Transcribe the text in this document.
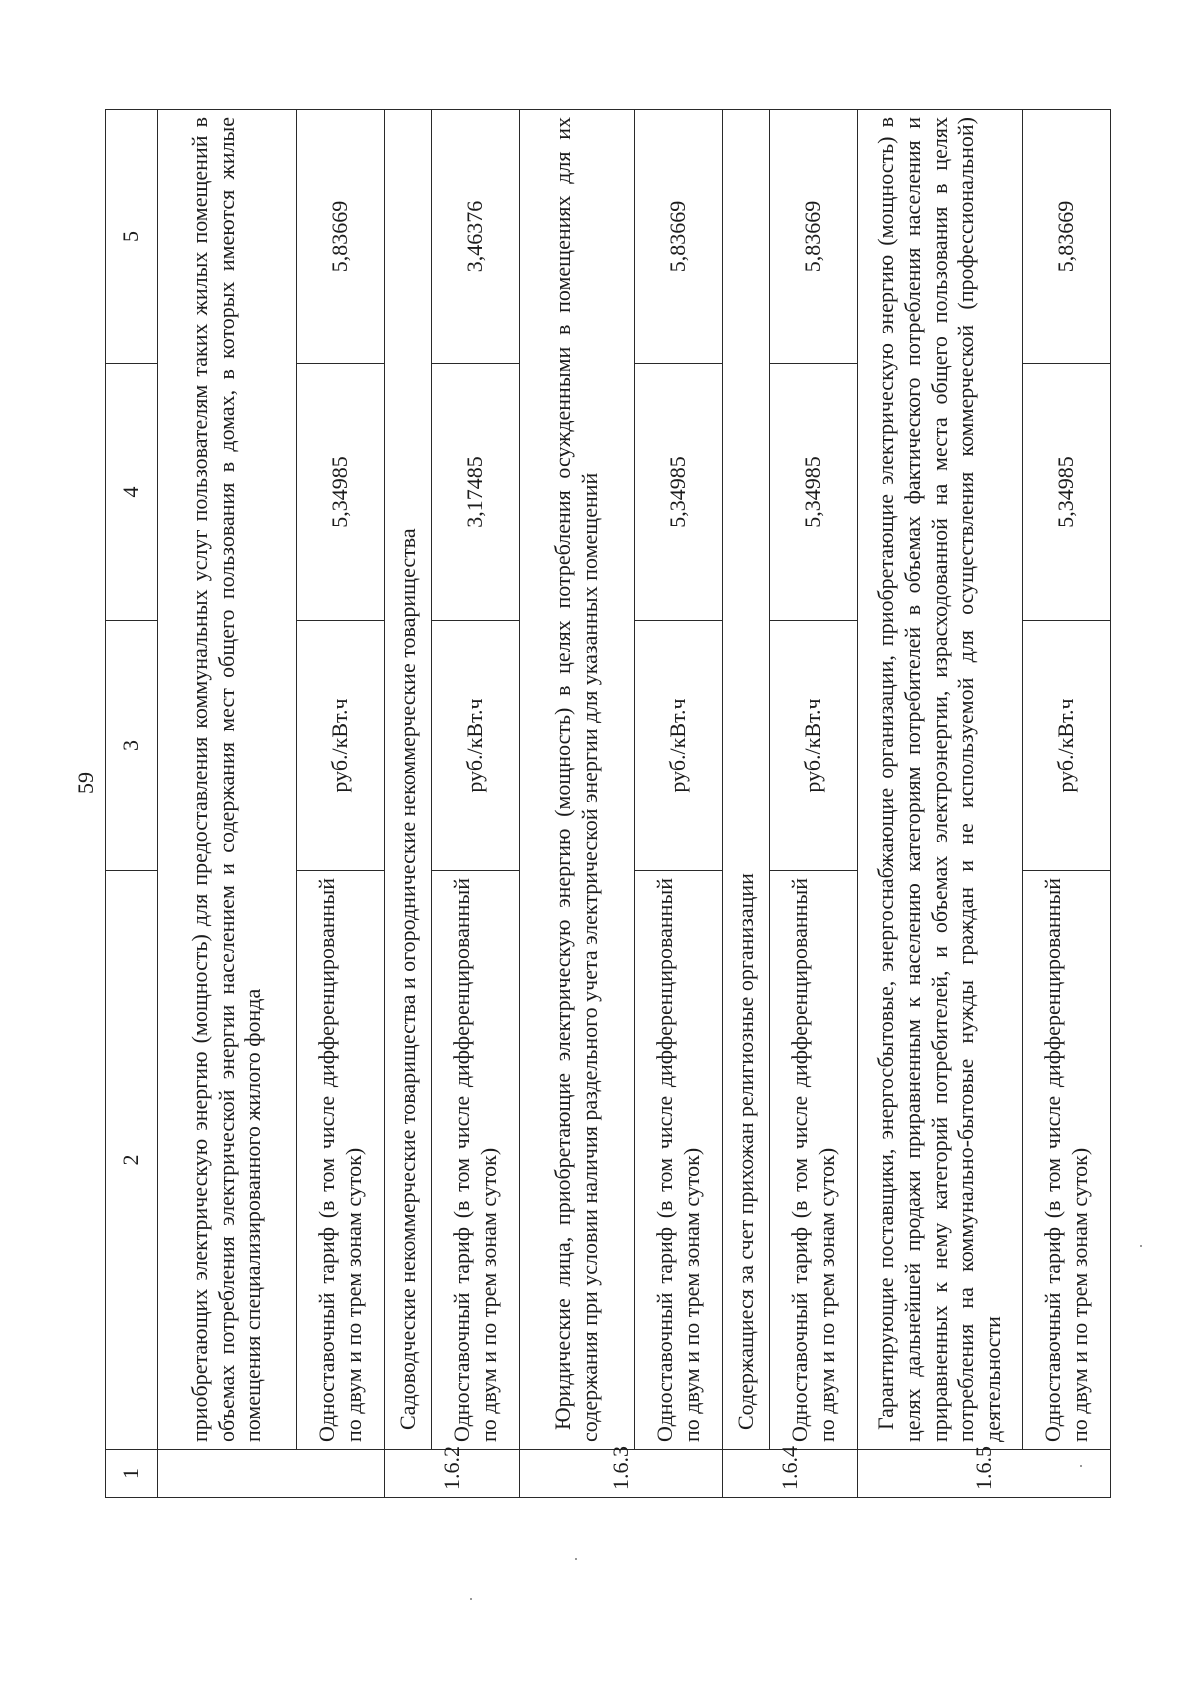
59
1	2	3	4	5
	приобретающих электрическую энергию (мощность) для предоставления коммунальных услуг пользователям таких жилых помещений в объемах потребления электрической энергии населением и содержания мест общего пользования в домах, в которых имеются жилые помещения специализированного жилого фонда			
	Одноставочный тариф (в том числе дифференцированный по двум и по трем зонам суток)	руб./кВт.ч	5,34985	5,83669
1.6.2	Садоводческие некоммерческие товарищества и огороднические некоммерческие товарищества			
	Одноставочный тариф (в том числе дифференцированный по двум и по трем зонам суток)	руб./кВт.ч	3,17485	3,46376
1.6.3	Юридические лица, приобретающие электрическую энергию (мощность) в целях потребления осужденными в помещениях для их содержания при условии наличия раздельного учета электрической энергии для указанных помещений			
	Одноставочный тариф (в том числе дифференцированный по двум и по трем зонам суток)	руб./кВт.ч	5,34985	5,83669
1.6.4	Содержащиеся за счет прихожан религиозные организации			
	Одноставочный тариф (в том числе дифференцированный по двум и по трем зонам суток)	руб./кВт.ч	5,34985	5,83669
1.6.5	Гарантирующие поставщики, энергосбытовые, энергоснабжающие организации, приобретающие электрическую энергию (мощность) в целях дальнейшей продажи приравненным к населению категориям потребителей в объемах фактического потребления населения и приравненных к нему категорий потребителей, и объемах электроэнергии, израсходованной на места общего пользования в целях потребления на коммунально-бытовые нужды граждан и не используемой для осуществления коммерческой (профессиональной) деятельности			
	Одноставочный тариф (в том числе дифференцированный по двум и по трем зонам суток)	руб./кВт.ч	5,34985	5,83669
